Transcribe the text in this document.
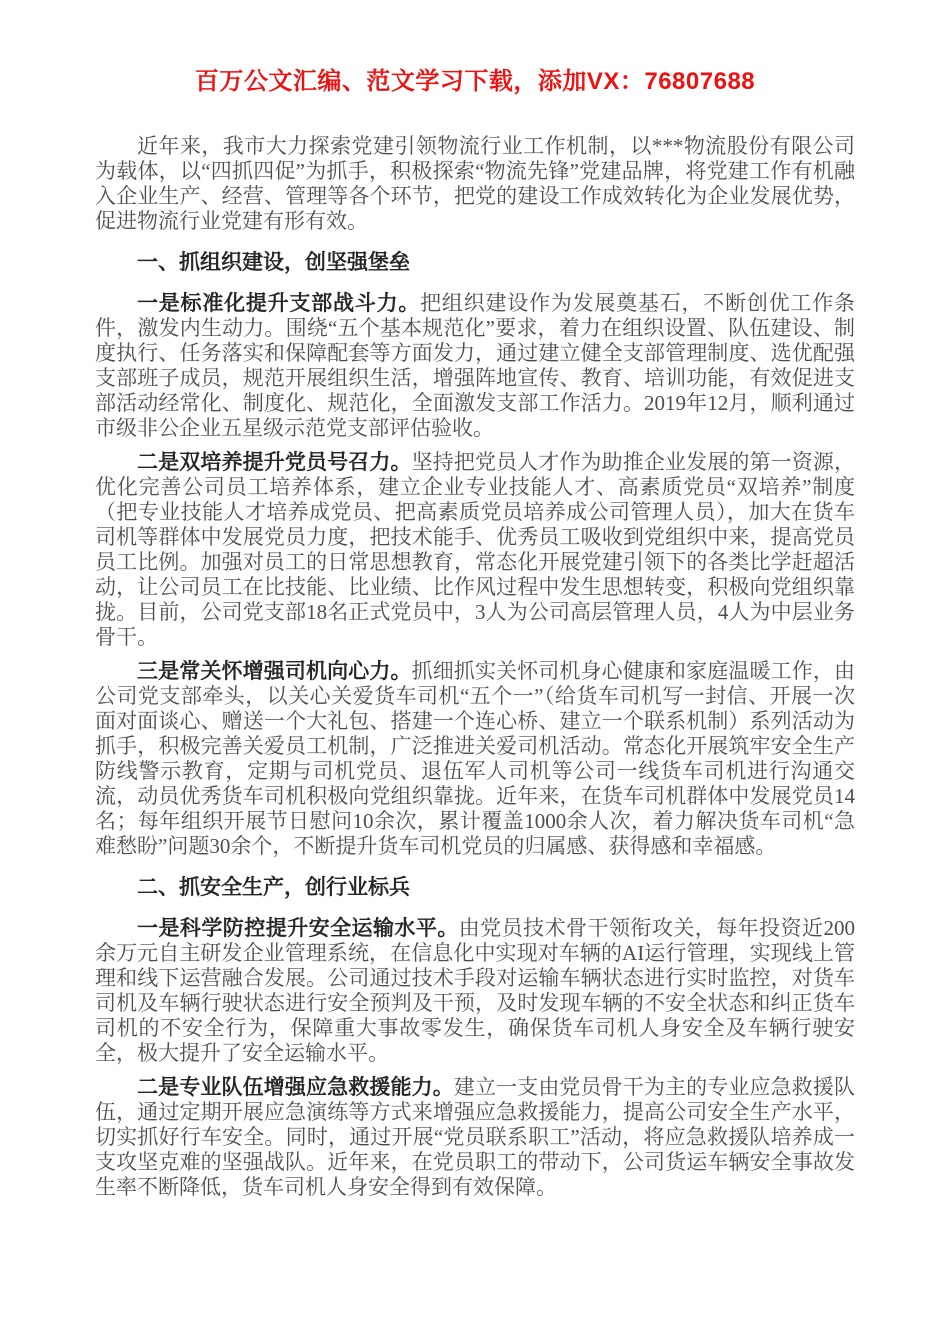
百万公文汇编、范文学习下载，添加VX：76807688

近年来，我市大力探索党建引领物流行业工作机制，以***物流股份有限公司为载体，以“四抓四促”为抓手，积极探索“物流先锋”党建品牌，将党建工作有机融入企业生产、经营、管理等各个环节，把党的建设工作成效转化为企业发展优势，促进物流行业党建有形有效。

一、抓组织建设，创坚强堡垒

一是标准化提升支部战斗力。把组织建设作为发展奠基石，不断创优工作条件，激发内生动力。围绕“五个基本规范化”要求，着力在组织设置、队伍建设、制度执行、任务落实和保障配套等方面发力，通过建立健全支部管理制度、选优配强支部班子成员，规范开展组织生活，增强阵地宣传、教育、培训功能，有效促进支部活动经常化、制度化、规范化，全面激发支部工作活力。2019年12月，顺利通过市级非公企业五星级示范党支部评估验收。

二是双培养提升党员号召力。坚持把党员人才作为助推企业发展的第一资源，优化完善公司员工培养体系，建立企业专业技能人才、高素质党员“双培养”制度（把专业技能人才培养成党员、把高素质党员培养成公司管理人员），加大在货车司机等群体中发展党员力度，把技术能手、优秀员工吸收到党组织中来，提高党员员工比例。加强对员工的日常思想教育，常态化开展党建引领下的各类比学赶超活动，让公司员工在比技能、比业绩、比作风过程中发生思想转变，积极向党组织靠拢。目前，公司党支部18名正式党员中，3人为公司高层管理人员，4人为中层业务骨干。

三是常关怀增强司机向心力。抓细抓实关怀司机身心健康和家庭温暖工作，由公司党支部牵头，以关心关爱货车司机“五个一”（给货车司机写一封信、开展一次面对面谈心、赠送一个大礼包、搭建一个连心桥、建立一个联系机制）系列活动为抓手，积极完善关爱员工机制，广泛推进关爱司机活动。常态化开展筑牢安全生产防线警示教育，定期与司机党员、退伍军人司机等公司一线货车司机进行沟通交流，动员优秀货车司机积极向党组织靠拢。近年来，在货车司机群体中发展党员14名；每年组织开展节日慰问10余次，累计覆盖1000余人次，着力解决货车司机“急难愁盼”问题30余个，不断提升货车司机党员的归属感、获得感和幸福感。

二、抓安全生产，创行业标兵

一是科学防控提升安全运输水平。由党员技术骨干领衔攻关，每年投资近200余万元自主研发企业管理系统，在信息化中实现对车辆的AI运行管理，实现线上管理和线下运营融合发展。公司通过技术手段对运输车辆状态进行实时监控，对货车司机及车辆行驶状态进行安全预判及干预，及时发现车辆的不安全状态和纠正货车司机的不安全行为，保障重大事故零发生，确保货车司机人身安全及车辆行驶安全，极大提升了安全运输水平。

二是专业队伍增强应急救援能力。建立一支由党员骨干为主的专业应急救援队伍，通过定期开展应急演练等方式来增强应急救援能力，提高公司安全生产水平，切实抓好行车安全。同时，通过开展“党员联系职工”活动，将应急救援队培养成一支攻坚克难的坚强战队。近年来，在党员职工的带动下，公司货运车辆安全事故发生率不断降低，货车司机人身安全得到有效保障。
